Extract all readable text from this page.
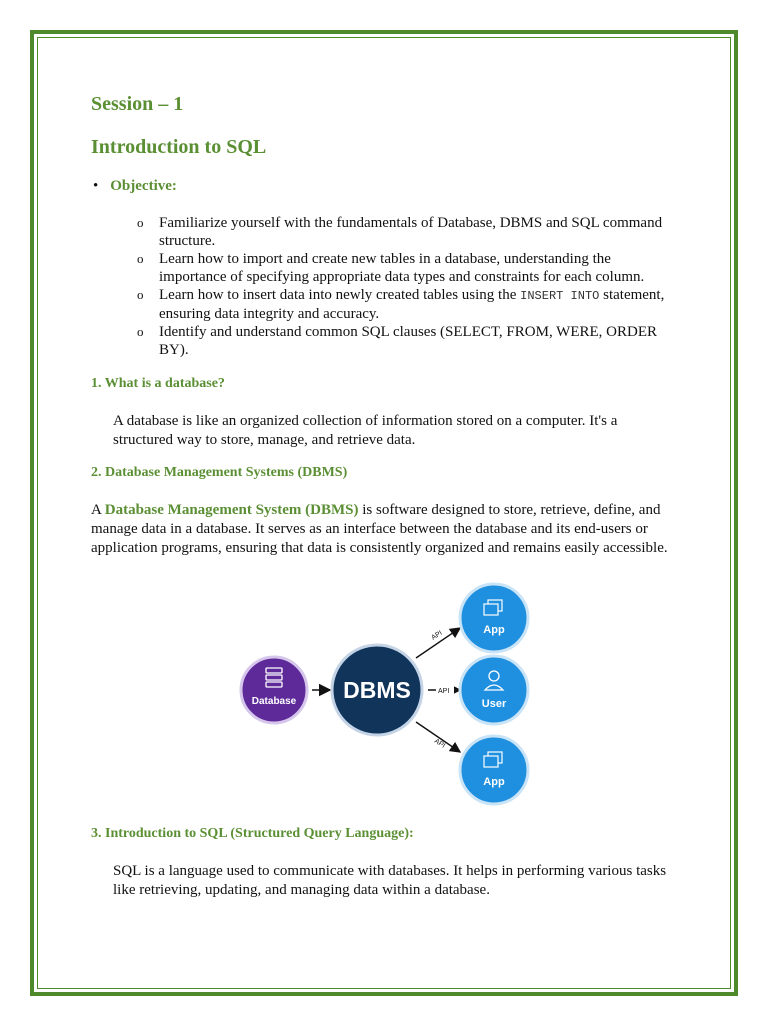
Session – 1
Introduction to SQL
• Objective:
o Familiarize yourself with the fundamentals of Database, DBMS and SQL command structure.
o Learn how to import and create new tables in a database, understanding the importance of specifying appropriate data types and constraints for each column.
o Learn how to insert data into newly created tables using the INSERT INTO statement, ensuring data integrity and accuracy.
o Identify and understand common SQL clauses (SELECT, FROM, WERE, ORDER BY).
1. What is a database?

A database is like an organized collection of information stored on a computer. It's a structured way to store, manage, and retrieve data.

2. Database Management Systems (DBMS)

A Database Management System (DBMS) is software designed to store, retrieve, define, and manage data in a database. It serves as an interface between the database and its end-users or application programs, ensuring that data is consistently organized and remains easily accessible.

API
API
API
Database DBMS
App
User
App
3. Introduction to SQL (Structured Query Language):

SQL is a language used to communicate with databases. It helps in performing various tasks like retrieving, updating, and managing data within a database.
